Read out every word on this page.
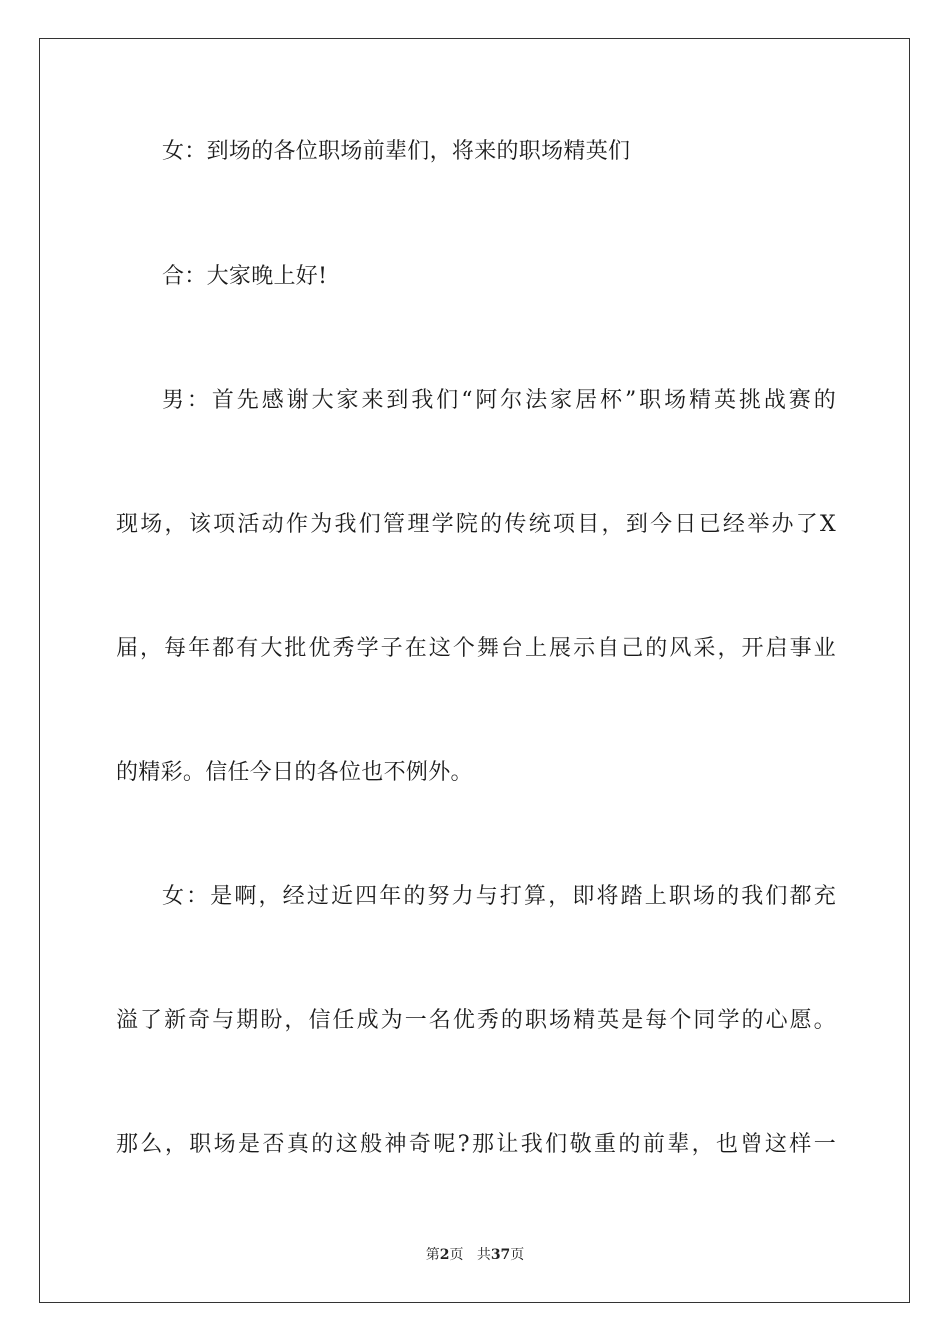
女：到场的各位职场前辈们，将来的职场精英们
合：大家晚上好!
男：首先感谢大家来到我们“阿尔法家居杯”职场精英挑战赛的
现场，该项活动作为我们管理学院的传统项目，到今日已经举办了X
届，每年都有大批优秀学子在这个舞台上展示自己的风采，开启事业
的精彩。信任今日的各位也不例外。
女：是啊，经过近四年的努力与打算，即将踏上职场的我们都充
溢了新奇与期盼，信任成为一名优秀的职场精英是每个同学的心愿。
那么，职场是否真的这般神奇呢?那让我们敬重的前辈，也曾这样一
第2页 共37页
